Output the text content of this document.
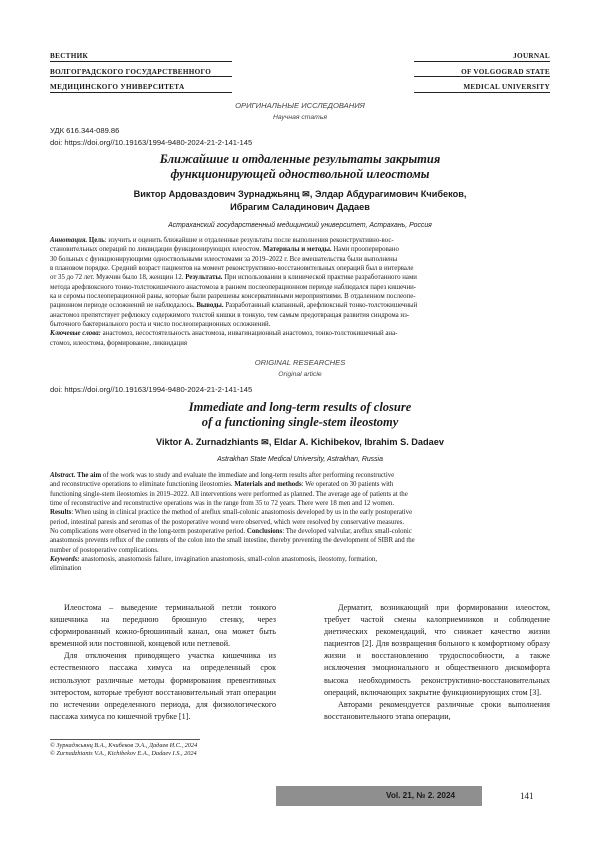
ВЕСТНИК
ВОЛГОГРАДСКОГО ГОСУДАРСТВЕННОГО
МЕДИЦИНСКОГО УНИВЕРСИТЕТА
JOURNAL
OF VOLGOGRAD STATE
MEDICAL UNIVERSITY
ОРИГИНАЛЬНЫЕ ИССЛЕДОВАНИЯ
Научная статья
УДК 616.344-089.86
doi: https://doi.org//10.19163/1994-9480-2024-21-2-141-145
Ближайшие и отдаленные результаты закрытия
функционирующей одноствольной илеостомы
Виктор Ардоваздович Зурнаджьянц ✉, Элдар Абдурагимович Кчибеков,
Ибрагим Саладинович Дадаев
Астраханский государственный медицинский университет, Астрахань, Россия
Аннотация. Цель: изучить и оценить ближайшие и отдаленные результаты после выполнения реконструктивно-вос-
становительных операций по ликвидации функционирующих илеостом. Материалы и методы. Нами прооперировано
30 больных с функционирующими одноствольными илеостомами за 2019–2022 г. Все вмешательства были выполнены
в плановом порядке. Средний возраст пациентов на момент реконструктивно-восстановительных операций был в интервале
от 35 до 72 лет. Мужчин было 18, женщин 12. Результаты. При использовании в клинической практике разработанного нами
метода арефлюксного тонко-толстокишечного анастомоза в раннем послеоперационном периоде наблюдался парез кишечни-
ка и серомы послеоперационной раны, которые были разрешены консервативными мероприятиями. В отдаленном послеопе-
рационном периоде осложнений не наблюдалось. Выводы. Разработанный клапанный, арефлюксный тонко-толстокишечный
анастомоз препятствует рефлюксу содержимого толстой кишки в тонкую, тем самым предотвращая развития синдрома из-
быточного бактериального роста и число послеоперационных осложнений.
Ключевые слова: анастомоз, несостоятельность анастомоза, инвагинационный анастомоз, тонко-толстокишечный ана-
стомоз, илеостома, формирование, ликвидация
ORIGINAL RESEARCHES
Original article
doi: https://doi.org//10.19163/1994-9480-2024-21-2-141-145
Immediate and long-term results of closure
of a functioning single-stem ileostomy
Viktor A. Zurnadzhiants ✉, Eldar A. Kichibekov, Ibrahim S. Dadaev
Astrakhan State Medical University, Astrakhan, Russia
Abstract. The aim of the work was to study and evaluate the immediate and long-term results after performing reconstructive
and reconstructive operations to eliminate functioning ileostomies. Materials and methods: We operated on 30 patients with
functioning single-stem ileostomies in 2019–2022. All interventions were performed as planned. The average age of patients at the
time of reconstructive and reconstructive operations was in the range from 35 to 72 years. There were 18 men and 12 women.
Results: When using in clinical practice the method of areflux small-colonic anastomosis developed by us in the early postoperative
period, intestinal paresis and seromas of the postoperative wound were observed, which were resolved by conservative measures.
No complications were observed in the long-term postoperative period. Conclusions: The developed valvular, areflux small-colonic
anastomosis prevents reflux of the contents of the colon into the small intestine, thereby preventing the development of SIBR and the
number of postoperative complications.
Keywords: anastomosis, anastomosis failure, invagination anastomosis, small-colon anastomosis, ileostomy, formation,
elimination

Илеостома – выведение терминальной петли тонкого кишечника на переднюю брюшную стенку, через сформированный кожно-брюшинный канал, она может быть временной или постоянной, концевой или петлевой.

Для отключения приводящего участка кишечника из естественного пассажа химуса на определенный срок используют различные методы формирования превентивных энтеростом, которые требуют восстановительный этап операции по истечении определенного периода, для физиологического пассажа химуса по кишечной трубке [1].

Дерматит, возникающий при формировании илеостом, требует частой смены калоприемников и соблюдение диетических рекомендаций, что снижает качество жизни пациентов [2]. Для возвращения больного к комфортному образу жизни и восстановлению трудоспособности, а также исключения эмоционального и общественного дискомфорта высока необходимость реконструктивно-восстановительных операций, включающих закрытие функционирующих стом [3].

Авторами рекомендуется различные сроки выполнения восстановительного этапа операции,

© Зурнаджьянц В.А., Кчибеков Э.А., Дадаев И.С., 2024
© Zurnadzhiants V.A., Kichibekov E.A., Dadaev I.S., 2024
Vol. 21, № 2. 2024	141
